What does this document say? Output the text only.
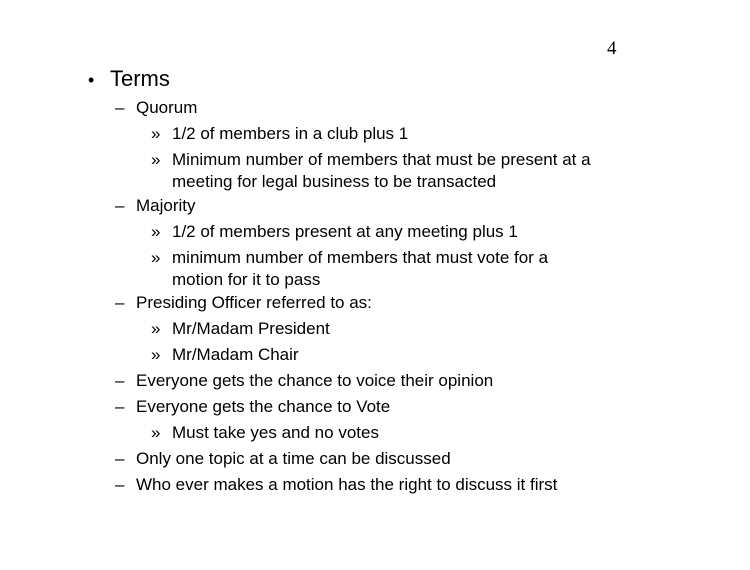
4
• Terms
– Quorum
» 1/2 of members in a club plus 1
» Minimum number of members that must be present at a
meeting for legal business to be transacted
– Majority
» 1/2 of members present at any meeting plus 1
» minimum number of members that must vote for a
motion for it to pass
– Presiding Officer referred to as:
» Mr/Madam President
» Mr/Madam Chair
– Everyone gets the chance to voice their opinion
– Everyone gets the chance to Vote
» Must take yes and no votes
– Only one topic at a time can be discussed
– Who ever makes a motion has the right to discuss it first
